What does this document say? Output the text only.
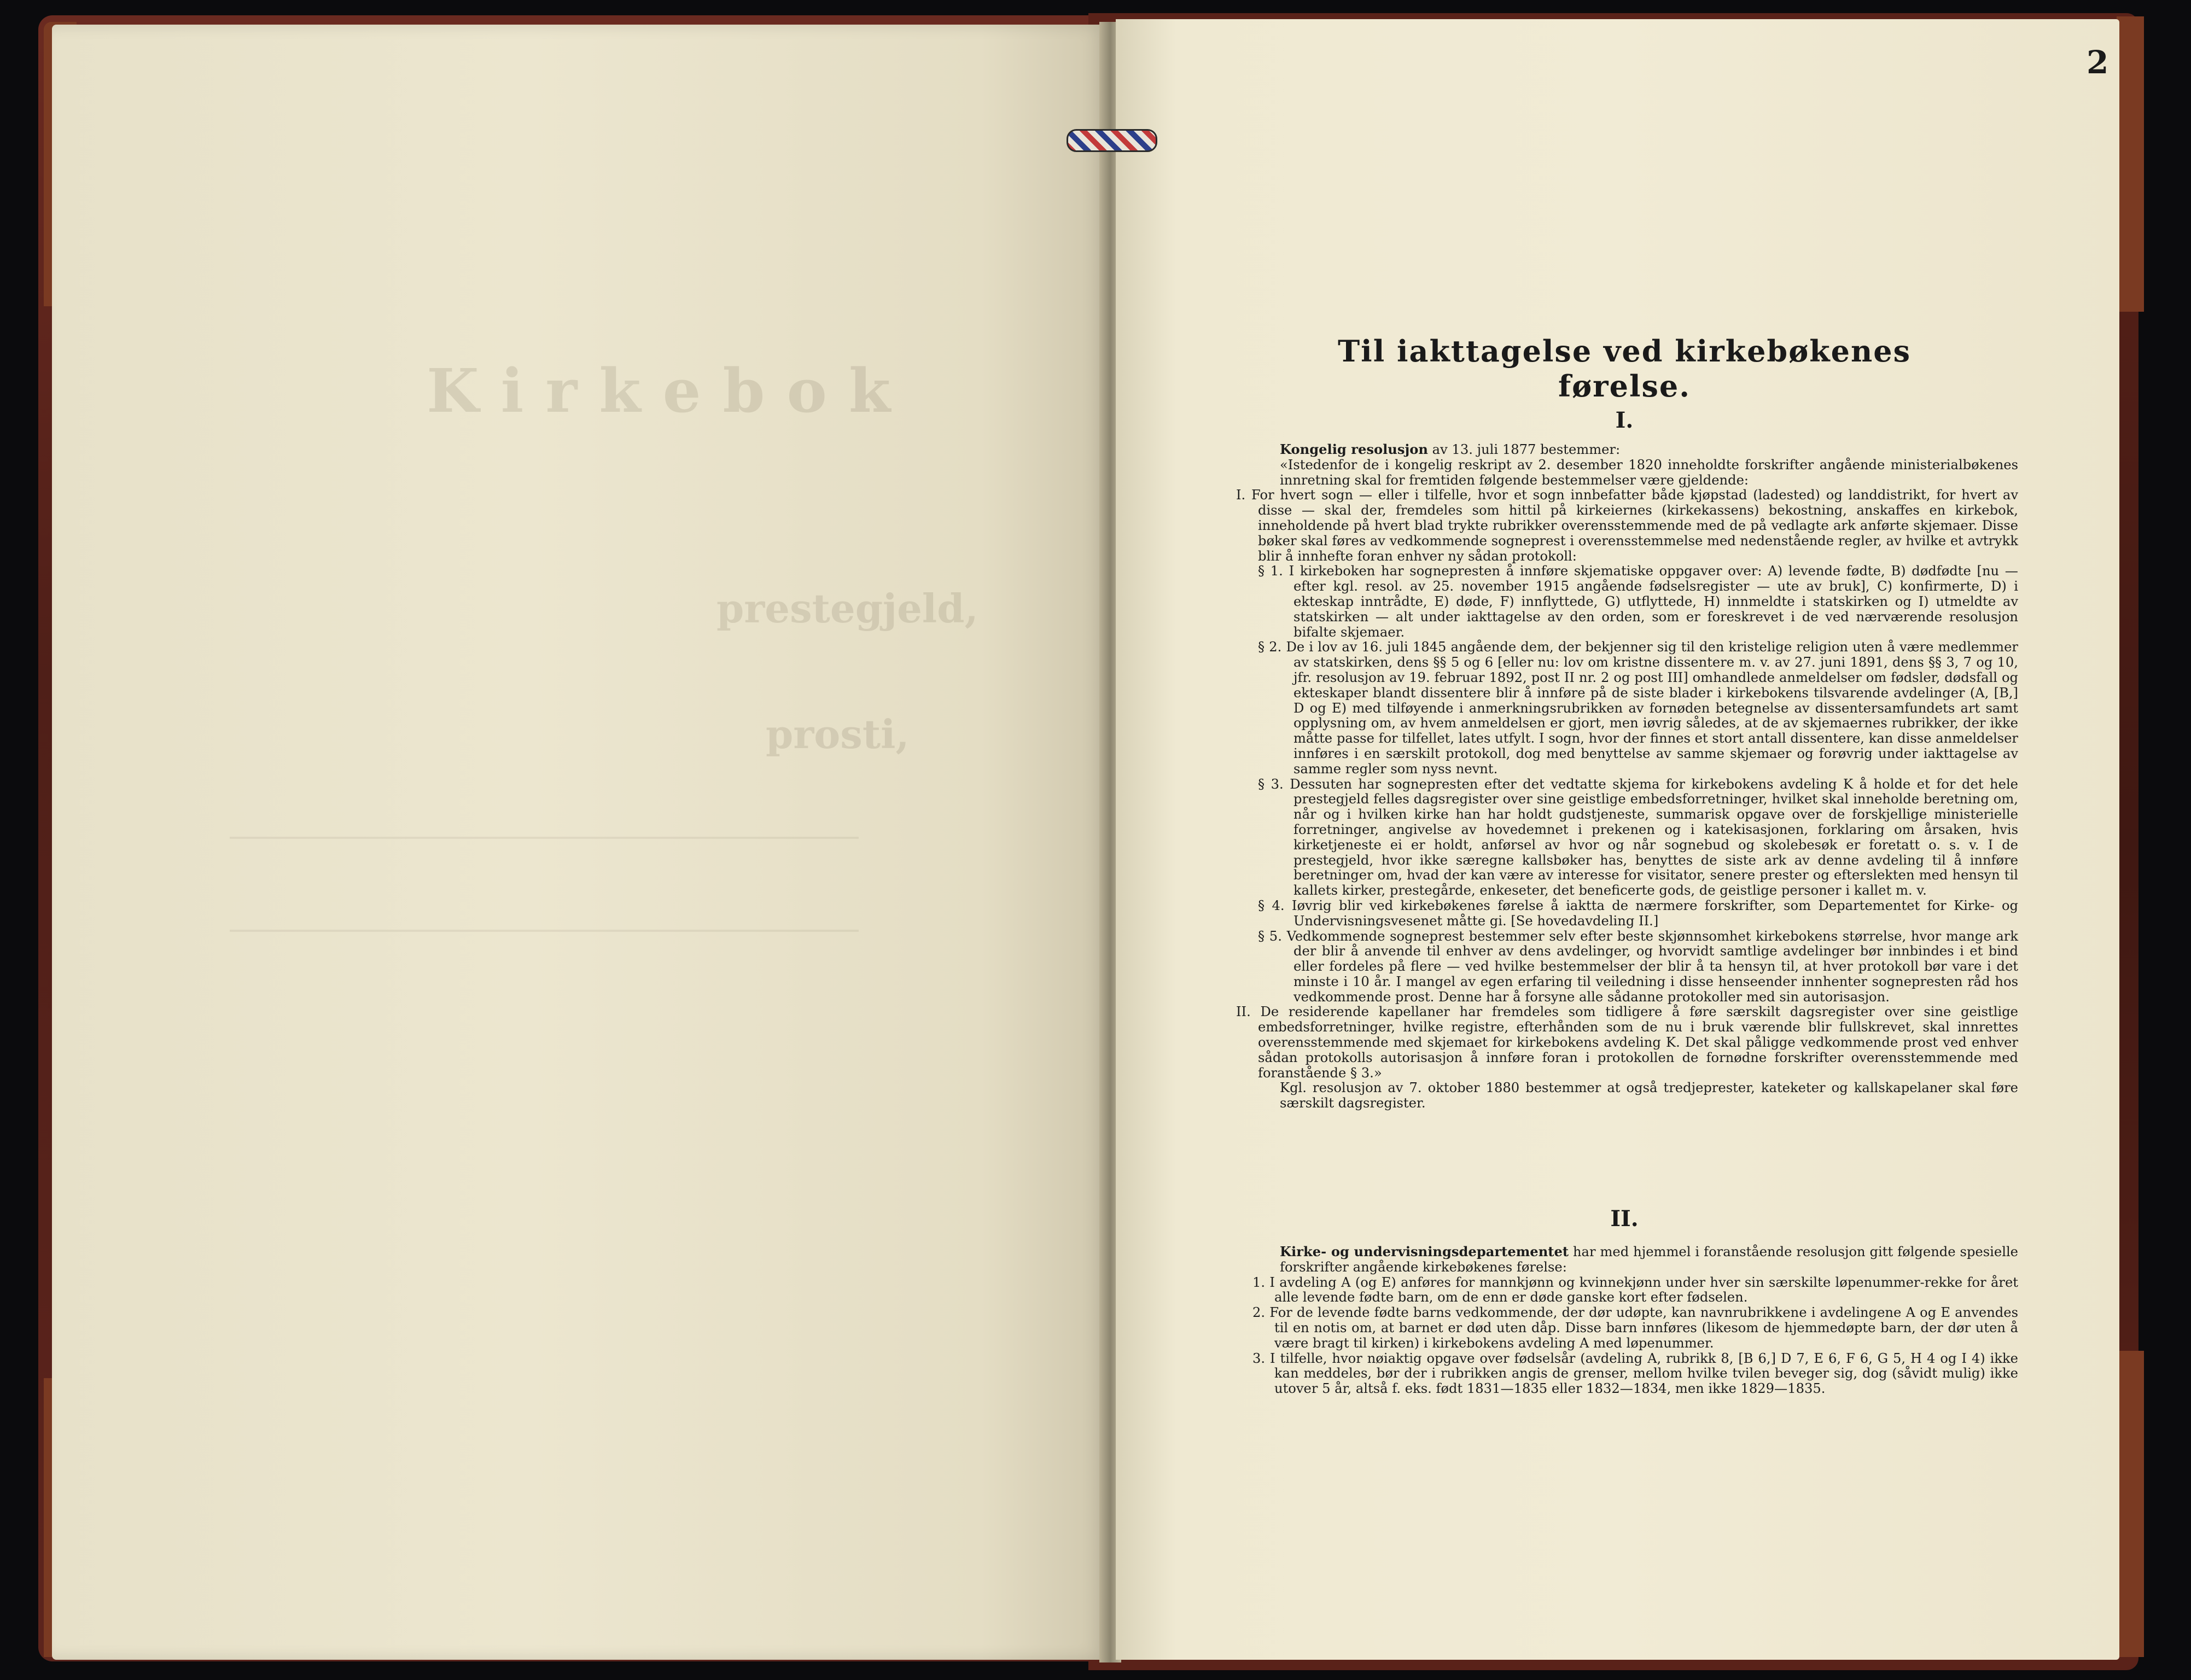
Kirkebok
prestegjeld,
prosti,
2
Til iakttagelse ved kirkebøkenes førelse.
I.

Kongelig resolusjon av 13. juli 1877 bestemmer:

«Istedenfor de i kongelig reskript av 2. desember 1820 inneholdte forskrifter angående ministerialbøkenes innretning skal for fremtiden følgende bestemmelser være gjeldende:

I. For hvert sogn — eller i tilfelle, hvor et sogn innbefatter både kjøpstad (ladested) og landdistrikt, for hvert av disse — skal der, fremdeles som hittil på kirkeiernes (kirkekassens) bekostning, anskaffes en kirkebok, inneholdende på hvert blad trykte rubrikker overensstemmende med de på vedlagte ark anførte skjemaer. Disse bøker skal føres av vedkommende sogneprest i overensstemmelse med nedenstående regler, av hvilke et avtrykk blir å innhefte foran enhver ny sådan protokoll:

§ 1. I kirkeboken har sognepresten å innføre skjematiske oppgaver over: A) levende fødte, B) dødfødte [nu — efter kgl. resol. av 25. november 1915 angående fødselsregister — ute av bruk], C) konfirmerte, D) i ekteskap inntrådte, E) døde, F) innflyttede, G) utflyttede, H) innmeldte i statskirken og I) utmeldte av statskirken — alt under iakttagelse av den orden, som er foreskrevet i de ved nærværende resolusjon bifalte skjemaer.

§ 2. De i lov av 16. juli 1845 angående dem, der bekjenner sig til den kristelige religion uten å være medlemmer av statskirken, dens §§ 5 og 6 [eller nu: lov om kristne dissentere m. v. av 27. juni 1891, dens §§ 3, 7 og 10, jfr. resolusjon av 19. februar 1892, post II nr. 2 og post III] omhandlede anmeldelser om fødsler, dødsfall og ekteskaper blandt dissentere blir å innføre på de siste blader i kirkebokens tilsvarende avdelinger (A, [B,] D og E) med tilføyende i anmerkningsrubrikken av fornøden betegnelse av dissentersamfundets art samt opplysning om, av hvem anmeldelsen er gjort, men iøvrig således, at de av skjemaernes rubrikker, der ikke måtte passe for tilfellet, lates utfylt. I sogn, hvor der finnes et stort antall dissentere, kan disse anmeldelser innføres i en særskilt protokoll, dog med benyttelse av samme skjemaer og forøvrig under iakttagelse av samme regler som nyss nevnt.

§ 3. Dessuten har sognepresten efter det vedtatte skjema for kirkebokens avdeling K å holde et for det hele prestegjeld felles dagsregister over sine geistlige embedsforretninger, hvilket skal inneholde beretning om, når og i hvilken kirke han har holdt gudstjeneste, summarisk opgave over de forskjellige ministerielle forretninger, angivelse av hovedemnet i prekenen og i katekisasjonen, forklaring om årsaken, hvis kirketjeneste ei er holdt, anførsel av hvor og når sognebud og skolebesøk er foretatt o. s. v. I de prestegjeld, hvor ikke særegne kallsbøker has, benyttes de siste ark av denne avdeling til å innføre beretninger om, hvad der kan være av interesse for visitator, senere prester og efterslekten med hensyn til kallets kirker, prestegårde, enkeseter, det beneficerte gods, de geistlige personer i kallet m. v.

§ 4. Iøvrig blir ved kirkebøkenes førelse å iaktta de nærmere forskrifter, som Departementet for Kirke- og Undervisningsvesenet måtte gi. [Se hovedavdeling II.]

§ 5. Vedkommende sogneprest bestemmer selv efter beste skjønnsomhet kirkebokens størrelse, hvor mange ark der blir å anvende til enhver av dens avdelinger, og hvorvidt samtlige avdelinger bør innbindes i et bind eller fordeles på flere — ved hvilke bestemmelser der blir å ta hensyn til, at hver protokoll bør vare i det minste i 10 år. I mangel av egen erfaring til veiledning i disse henseender innhenter sognepresten råd hos vedkommende prost. Denne har å forsyne alle sådanne protokoller med sin autorisasjon.

II. De residerende kapellaner har fremdeles som tidligere å føre særskilt dagsregister over sine geistlige embedsforretninger, hvilke registre, efterhånden som de nu i bruk værende blir fullskrevet, skal innrettes overensstemmende med skjemaet for kirkebokens avdeling K. Det skal påligge vedkommende prost ved enhver sådan protokolls autorisasjon å innføre foran i protokollen de fornødne forskrifter overensstemmende med foranstående § 3.»

Kgl. resolusjon av 7. oktober 1880 bestemmer at også tredjeprester, kateketer og kallskapelaner skal føre særskilt dagsregister.

II.

Kirke- og undervisningsdepartementet har med hjemmel i foranstående resolusjon gitt følgende spesielle forskrifter angående kirkebøkenes førelse:

1. I avdeling A (og E) anføres for mannkjønn og kvinnekjønn under hver sin særskilte løpenummer-rekke for året alle levende fødte barn, om de enn er døde ganske kort efter fødselen.

2. For de levende fødte barns vedkommende, der dør udøpte, kan navnrubrikkene i avdelingene A og E anvendes til en notis om, at barnet er død uten dåp. Disse barn innføres (likesom de hjemmedøpte barn, der dør uten å være bragt til kirken) i kirkebokens avdeling A med løpenummer.

3. I tilfelle, hvor nøiaktig opgave over fødselsår (avdeling A, rubrikk 8, [B 6,] D 7, E 6, F 6, G 5, H 4 og I 4) ikke kan meddeles, bør der i rubrikken angis de grenser, mellom hvilke tvilen beveger sig, dog (såvidt mulig) ikke utover 5 år, altså f. eks. født 1831—1835 eller 1832—1834, men ikke 1829—1835.
